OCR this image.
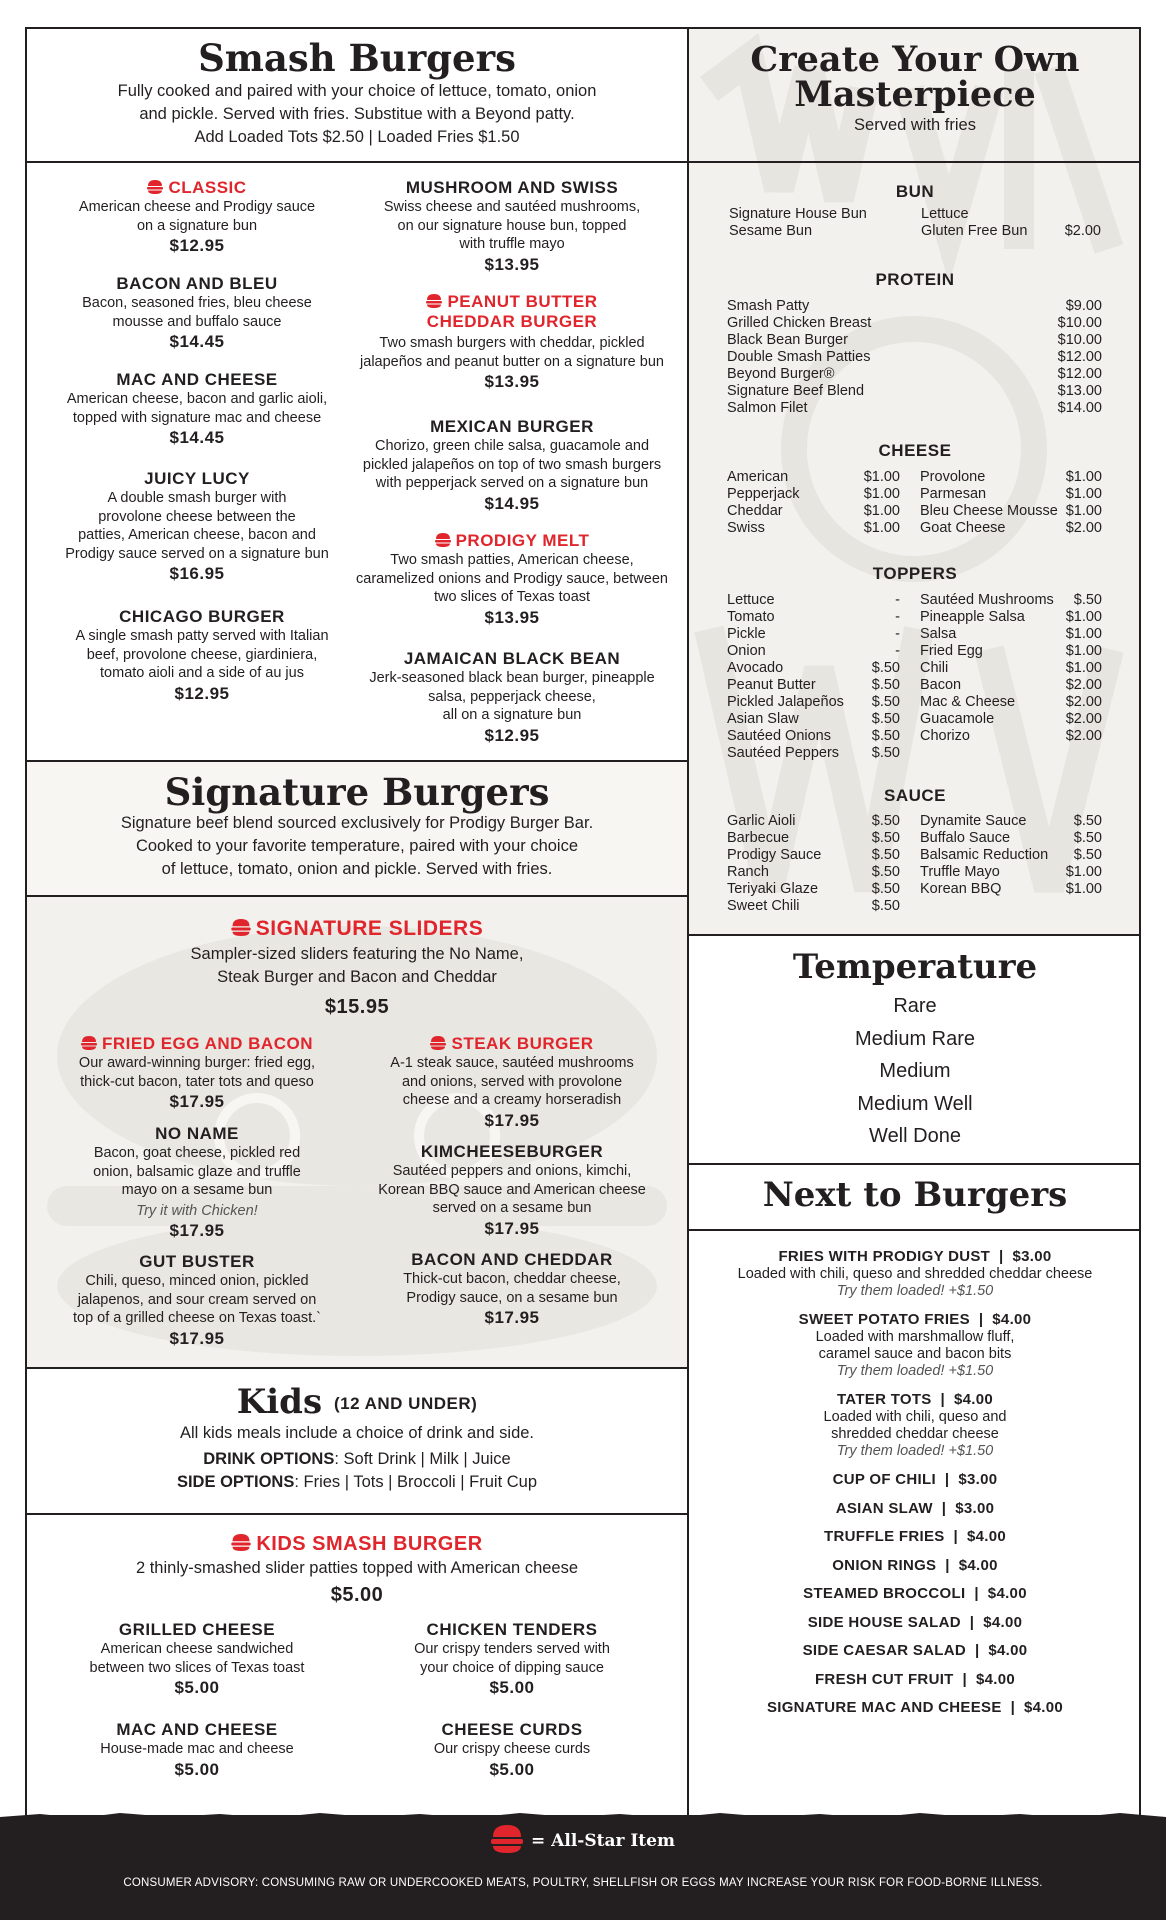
Smash Burgers
Fully cooked and paired with your choice of lettuce, tomato, onion
and pickle. Served with fries. Substitue with a Beyond patty.
Add Loaded Tots $2.50 | Loaded Fries $1.50
CLASSIC
American cheese and Prodigy sauce
on a signature bun
$12.95
BACON AND BLEU
Bacon, seasoned fries, bleu cheese
mousse and buffalo sauce
$14.45
MAC AND CHEESE
American cheese, bacon and garlic aioli,
topped with signature mac and cheese
$14.45
JUICY LUCY
A double smash burger with
provolone cheese between the
patties, American cheese, bacon and
Prodigy sauce served on a signature bun
$16.95
CHICAGO BURGER
A single smash patty served with Italian
beef, provolone cheese, giardiniera,
tomato aioli and a side of au jus
$12.95
MUSHROOM AND SWISS
Swiss cheese and sautéed mushrooms,
on our signature house bun, topped
with truffle mayo
$13.95
PEANUT BUTTER
CHEDDAR BURGER
Two smash burgers with cheddar, pickled
jalapeños and peanut butter on a signature bun
$13.95
MEXICAN BURGER
Chorizo, green chile salsa, guacamole and
pickled jalapeños on top of two smash burgers
with pepperjack served on a signature bun
$14.95
PRODIGY MELT
Two smash patties, American cheese,
caramelized onions and Prodigy sauce, between
two slices of Texas toast
$13.95
JAMAICAN BLACK BEAN
Jerk-seasoned black bean burger, pineapple
salsa, pepperjack cheese,
all on a signature bun
$12.95
Signature Burgers
Signature beef blend sourced exclusively for Prodigy Burger Bar.
Cooked to your favorite temperature, paired with your choice
of lettuce, tomato, onion and pickle. Served with fries.
SIGNATURE SLIDERS
Sampler-sized sliders featuring the No Name,
Steak Burger and Bacon and Cheddar
$15.95
FRIED EGG AND BACON
Our award-winning burger: fried egg,
thick-cut bacon, tater tots and queso
$17.95
NO NAME
Bacon, goat cheese, pickled red
onion, balsamic glaze and truffle
mayo on a sesame bun
Try it with Chicken!
$17.95
GUT BUSTER
Chili, queso, minced onion, pickled
jalapenos, and sour cream served on
top of a grilled cheese on Texas toast.`
$17.95
STEAK BURGER
A-1 steak sauce, sautéed mushrooms
and onions, served with provolone
cheese and a creamy horseradish
$17.95
KIMCHEESEBURGER
Sautéed peppers and onions, kimchi,
Korean BBQ sauce and American cheese
served on a sesame bun
$17.95
BACON AND CHEDDAR
Thick-cut bacon, cheddar cheese,
Prodigy sauce, on a sesame bun
$17.95
Kids (12 AND UNDER)
All kids meals include a choice of drink and side.
DRINK OPTIONS: Soft Drink | Milk | Juice
SIDE OPTIONS: Fries | Tots | Broccoli | Fruit Cup
KIDS SMASH BURGER
2 thinly-smashed slider patties topped with American cheese
$5.00
GRILLED CHEESE
American cheese sandwiched
between two slices of Texas toast
$5.00
CHICKEN TENDERS
Our crispy tenders served with
your choice of dipping sauce
$5.00
MAC AND CHEESE
House-made mac and cheese
$5.00
CHEESE CURDS
Our crispy cheese curds
$5.00
Create Your Own
Masterpiece
Served with fries
BUN
Signature House Bun
Sesame Bun
Lettuce
Gluten Free Bun	$2.00
PROTEIN
Smash Patty	$9.00
Grilled Chicken Breast	$10.00
Black Bean Burger	$10.00
Double Smash Patties	$12.00
Beyond Burger®	$12.00
Signature Beef Blend	$13.00
Salmon Filet	$14.00
CHEESE
American	$1.00
Pepperjack	$1.00
Cheddar	$1.00
Swiss	$1.00
Provolone	$1.00
Parmesan	$1.00
Bleu Cheese Mousse $1.00
Goat Cheese	$2.00
TOPPERS
Lettuce	-
Tomato	-
Pickle	-
Onion	-
Avocado	$.50
Peanut Butter	$.50
Pickled Jalapeños $.50
Asian Slaw	$.50
Sautéed Onions	$.50
Sautéed Peppers $.50
Sautéed Mushrooms $.50
Pineapple Salsa	$1.00
Salsa	$1.00
Fried Egg	$1.00
Chili	$1.00
Bacon	$2.00
Mac & Cheese	$2.00
Guacamole	$2.00
Chorizo	$2.00
SAUCE
Garlic Aioli	$.50
Barbecue	$.50
Prodigy Sauce	$.50
Ranch	$.50
Teriyaki Glaze	$.50
Sweet Chili	$.50
Dynamite Sauce	$.50
Buffalo Sauce	$.50
Balsamic Reduction $.50
Truffle Mayo	$1.00
Korean BBQ	$1.00
Temperature
Rare
Medium Rare
Medium
Medium Well
Well Done
Next to Burgers
FRIES WITH PRODIGY DUST  |  $3.00
Loaded with chili, queso and shredded cheddar cheese
Try them loaded! +$1.50
SWEET POTATO FRIES  |  $4.00
Loaded with marshmallow fluff,
caramel sauce and bacon bits
Try them loaded! +$1.50
TATER TOTS  |  $4.00
Loaded with chili, queso and
shredded cheddar cheese
Try them loaded! +$1.50
CUP OF CHILI  |  $3.00
ASIAN SLAW  |  $3.00
TRUFFLE FRIES  |  $4.00
ONION RINGS  |  $4.00
STEAMED BROCCOLI  |  $4.00
SIDE HOUSE SALAD  |  $4.00
SIDE CAESAR SALAD  |  $4.00
FRESH CUT FRUIT  |  $4.00
SIGNATURE MAC AND CHEESE  |  $4.00
= All-Star Item
CONSUMER ADVISORY: CONSUMING RAW OR UNDERCOOKED MEATS, POULTRY, SHELLFISH OR EGGS MAY INCREASE YOUR RISK FOR FOOD-BORNE ILLNESS.
